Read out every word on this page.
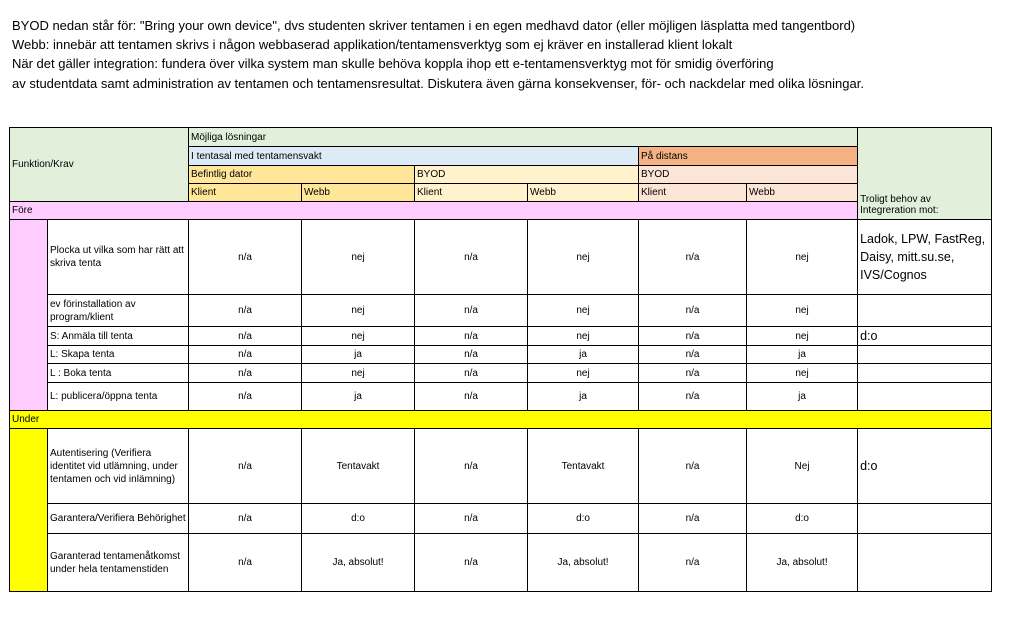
BYOD nedan står för: "Bring your own device", dvs studenten skriver tentamen i en egen medhavd dator (eller möjligen läsplatta med tangentbord)
Webb: innebär att tentamen skrivs i någon webbaserad applikation/tentamensverktyg som ej kräver en installerad klient lokalt
När det gäller integration: fundera över vilka system man skulle behöva koppla ihop ett e-tentamensverktyg mot för smidig överföring
av studentdata samt administration av tentamen och tentamensresultat. Diskutera även gärna konsekvenser, för- och nackdelar med olika lösningar.
Funktion/Krav		Möjliga lösningar						Troligt behov av
Integreration mot:

		I tentasal med tentamensvakt				På distans		
		Befintlig dator		BYOD		BYOD		
		Klient	Webb	Klient	Webb	Klient	Webb	
Före								
	Plocka ut vilka som har rätt att skriva tenta	n/a	nej	n/a	nej	n/a	nej	Ladok, LPW, FastReg, Daisy, mitt.su.se, IVS/Cognos
	ev förinstallation av program/klient	n/a	nej	n/a	nej	n/a	nej	
	S: Anmäla till tenta	n/a	nej	n/a	nej	n/a	nej	d:o
	L: Skapa tenta	n/a	ja	n/a	ja	n/a	ja	
	L : Boka tenta	n/a	nej	n/a	nej	n/a	nej	
	L: publicera/öppna tenta	n/a	ja	n/a	ja	n/a	ja	
Under								
	Autentisering (Verifiera identitet vid utlämning, under tentamen och vid inlämning)	n/a	Tentavakt	n/a	Tentavakt	n/a	Nej	d:o
	Garantera/Verifiera Behörighet	n/a	d:o	n/a	d:o	n/a	d:o	
	Garanterad tentamenåtkomst under hela tentamenstiden	n/a	Ja, absolut!	n/a	Ja, absolut!	n/a	Ja, absolut!	
